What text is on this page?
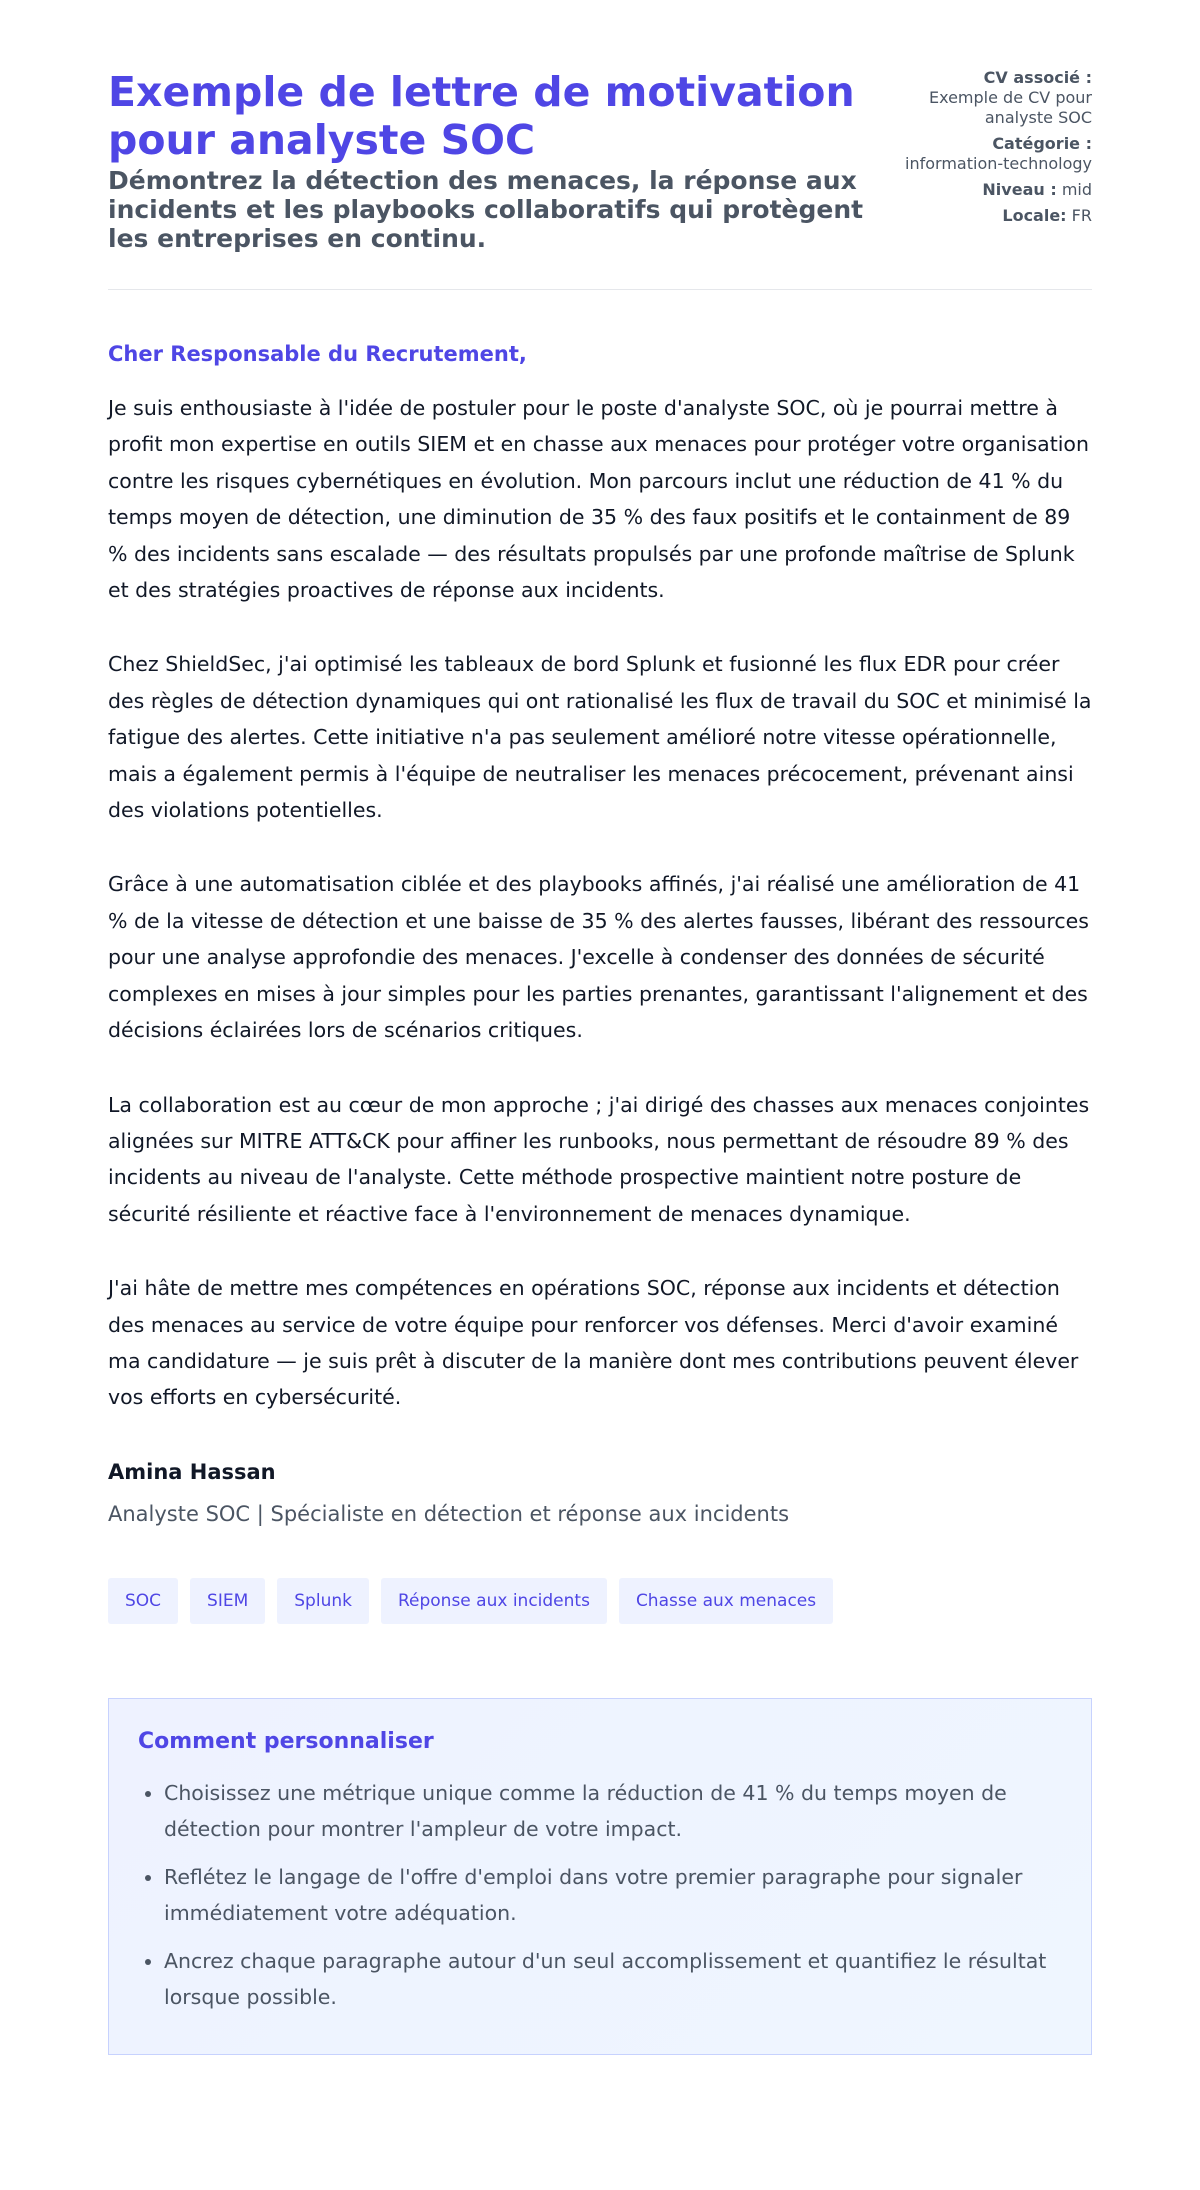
Exemple de lettre de motivation pour analyste SOC
Démontrez la détection des menaces, la réponse aux incidents et les playbooks collaboratifs qui protègent les entreprises en continu.
CV associé :
Exemple de CV pour analyste SOC
Catégorie :
information-technology
Niveau : mid
Locale: FR
Cher Responsable du Recrutement,

Je suis enthousiaste à l'idée de postuler pour le poste d'analyste SOC, où je pourrai mettre à profit mon expertise en outils SIEM et en chasse aux menaces pour protéger votre organisation contre les risques cybernétiques en évolution. Mon parcours inclut une réduction de 41 % du temps moyen de détection, une diminution de 35 % des faux positifs et le containment de 89 % des incidents sans escalade — des résultats propulsés par une profonde maîtrise de Splunk et des stratégies proactives de réponse aux incidents.

Chez ShieldSec, j'ai optimisé les tableaux de bord Splunk et fusionné les flux EDR pour créer des règles de détection dynamiques qui ont rationalisé les flux de travail du SOC et minimisé la fatigue des alertes. Cette initiative n'a pas seulement amélioré notre vitesse opérationnelle, mais a également permis à l'équipe de neutraliser les menaces précocement, prévenant ainsi des violations potentielles.

Grâce à une automatisation ciblée et des playbooks affinés, j'ai réalisé une amélioration de 41 % de la vitesse de détection et une baisse de 35 % des alertes fausses, libérant des ressources pour une analyse approfondie des menaces. J'excelle à condenser des données de sécurité complexes en mises à jour simples pour les parties prenantes, garantissant l'alignement et des décisions éclairées lors de scénarios critiques.

La collaboration est au cœur de mon approche ; j'ai dirigé des chasses aux menaces conjointes alignées sur MITRE ATT&CK pour affiner les runbooks, nous permettant de résoudre 89 % des incidents au niveau de l'analyste. Cette méthode prospective maintient notre posture de sécurité résiliente et réactive face à l'environnement de menaces dynamique.

J'ai hâte de mettre mes compétences en opérations SOC, réponse aux incidents et détection des menaces au service de votre équipe pour renforcer vos défenses. Merci d'avoir examiné ma candidature — je suis prêt à discuter de la manière dont mes contributions peuvent élever vos efforts en cybersécurité.

Amina Hassan
Analyste SOC | Spécialiste en détection et réponse aux incidents
SOC	SIEM	Splunk	Réponse aux incidents	Chasse aux menaces
Comment personnaliser
• Choisissez une métrique unique comme la réduction de 41 % du temps moyen de détection pour montrer l'ampleur de votre impact.
• Reflétez le langage de l'offre d'emploi dans votre premier paragraphe pour signaler immédiatement votre adéquation.
• Ancrez chaque paragraphe autour d'un seul accomplissement et quantifiez le résultat lorsque possible.
